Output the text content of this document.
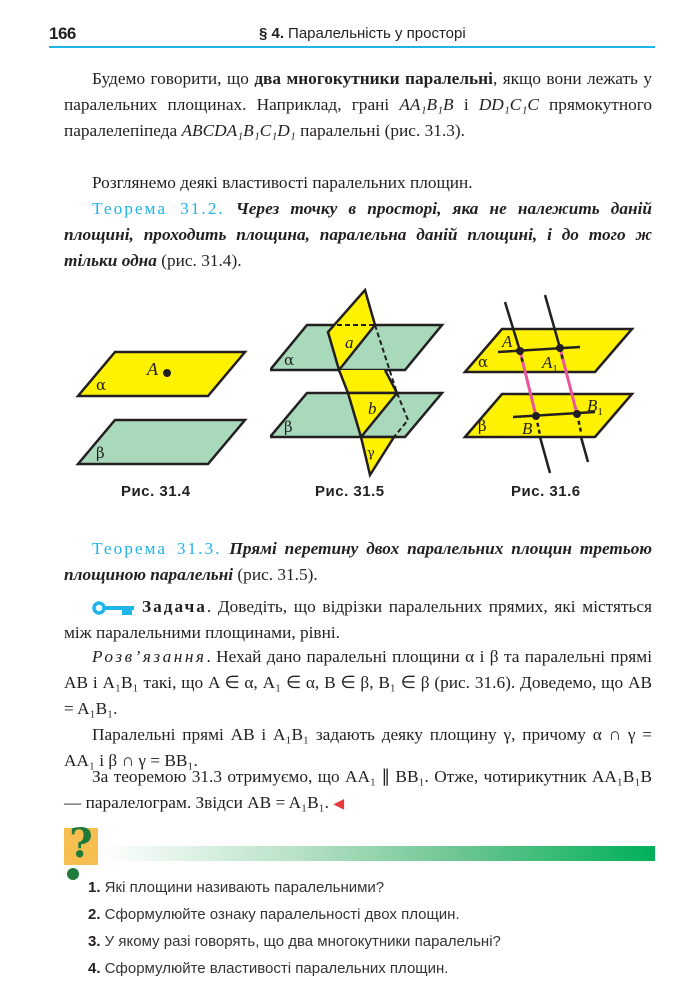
166	§ 4. Паралельність у просторі
Будемо говорити, що два многокутники паралельні, якщо вони лежать у паралельних площинах. Наприклад, грані AA₁B₁B і DD₁C₁C прямокутного паралелепіпеда ABCDA₁B₁C₁D₁ паралельні (рис. 31.3).
Розглянемо деякі властивості паралельних площин.
Теорема 31.2. Через точку в просторі, яка не належить даній площині, проходить площина, паралельна даній площині, і до того ж тільки одна (рис. 31.4).
α
A
β
Рис. 31.4
α
β
a
b
γ
Рис. 31.5
A
$A_1$
$B_1$
B
α
β
Рис. 31.6
Теорема 31.3. Прямі перетину двох паралельних площин третьою площиною паралельні (рис. 31.5).
Задача. Доведіть, що відрізки паралельних прямих, які містяться між паралельними площинами, рівні.
Розв’язання. Нехай дано паралельні площини α і β та паралельні прямі AB і A₁B₁ такі, що A ∈ α, A₁ ∈ α, B ∈ β, B₁ ∈ β (рис. 31.6). Доведемо, що AB = A₁B₁.
Паралельні прямі AB і A₁B₁ задають деяку площину γ, причому α ∩ γ = AA₁ і β ∩ γ = BB₁.
За теоремою 31.3 отримуємо, що AA₁ ∥ BB₁. Отже, чотирикутник AA₁B₁B — паралелограм. Звідси AB = A₁B₁. ◀
?
1. Які площини називають паралельними?
2. Сформулюйте ознаку паралельності двох площин.
3. У якому разі говорять, що два многокутники паралельні?
4. Сформулюйте властивості паралельних площин.
